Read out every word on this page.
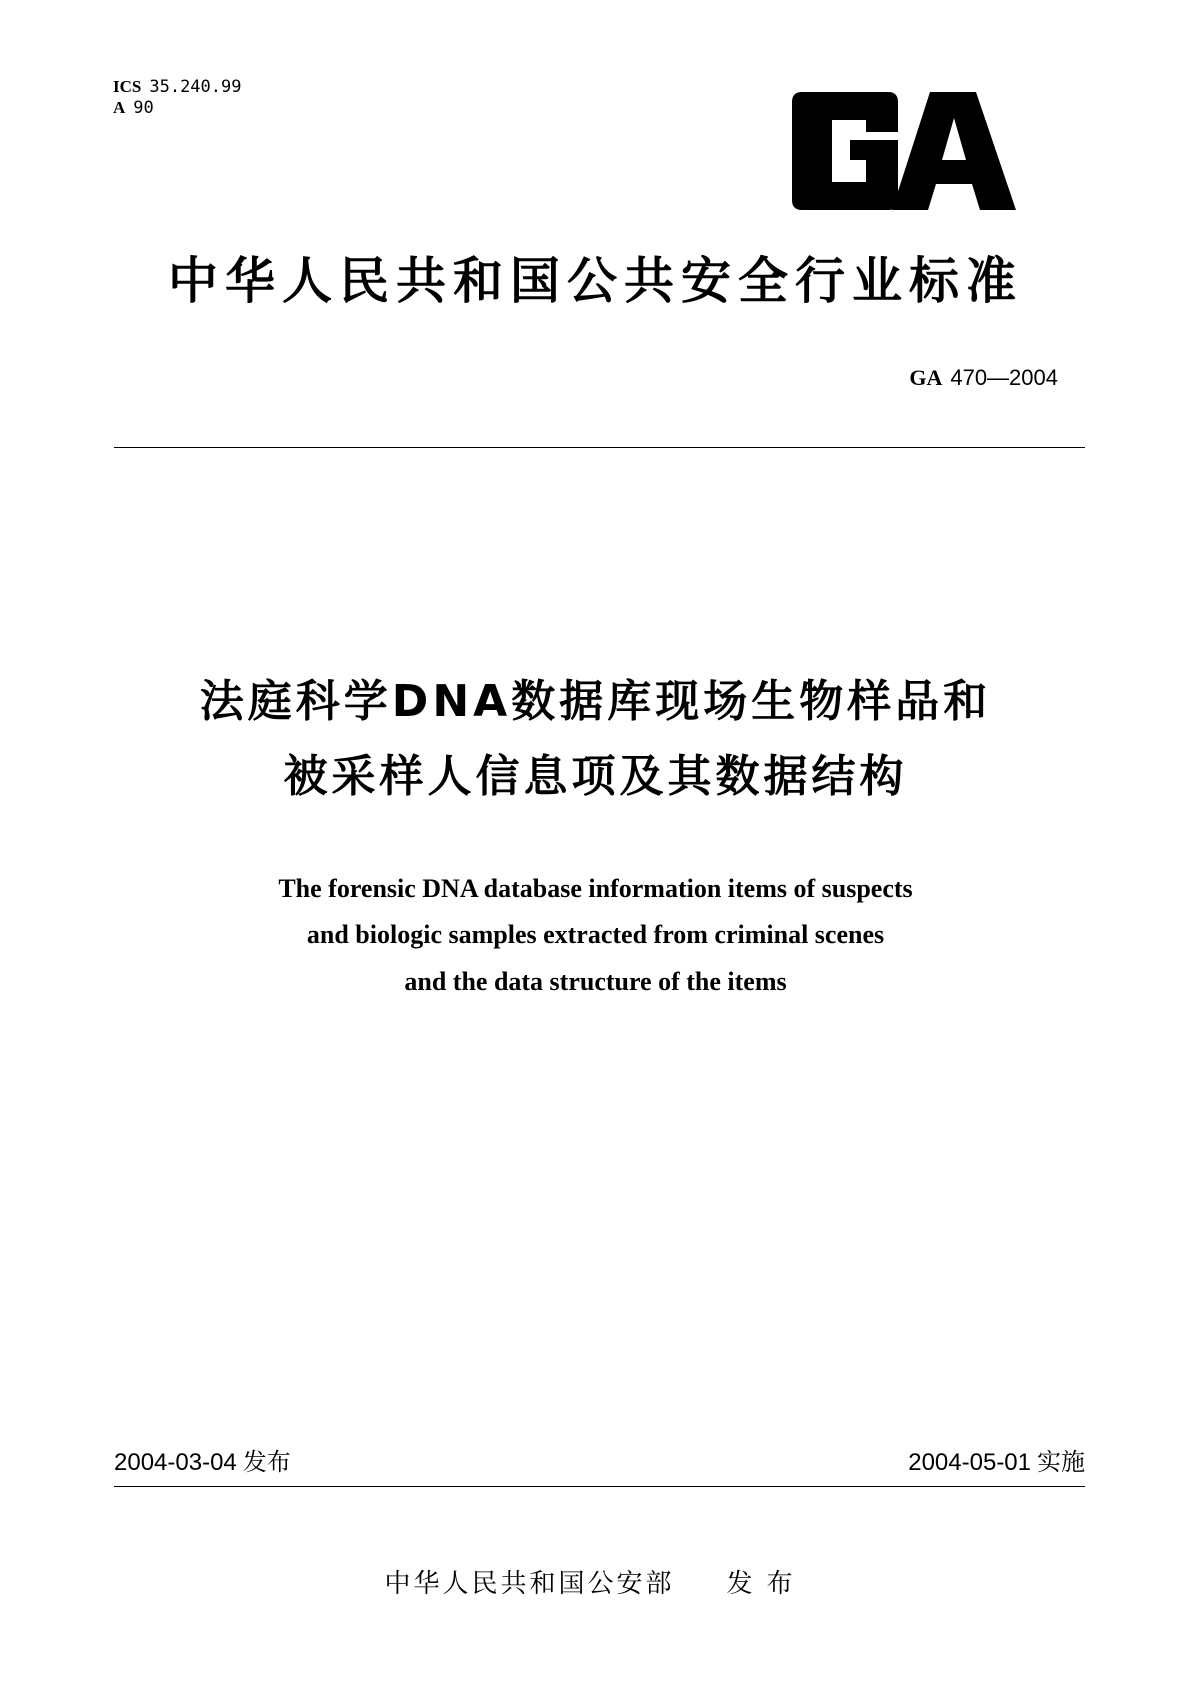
ICS 35.240.99
A 90
中华人民共和国公共安全行业标准
GA 470—2004
法庭科学DNA数据库现场生物样品和
被采样人信息项及其数据结构
The forensic DNA database information items of suspects
and biologic samples extracted from criminal scenes
and the data structure of the items
2004-03-04 发布	2004-05-01 实施
中华人民共和国公安部 发布
